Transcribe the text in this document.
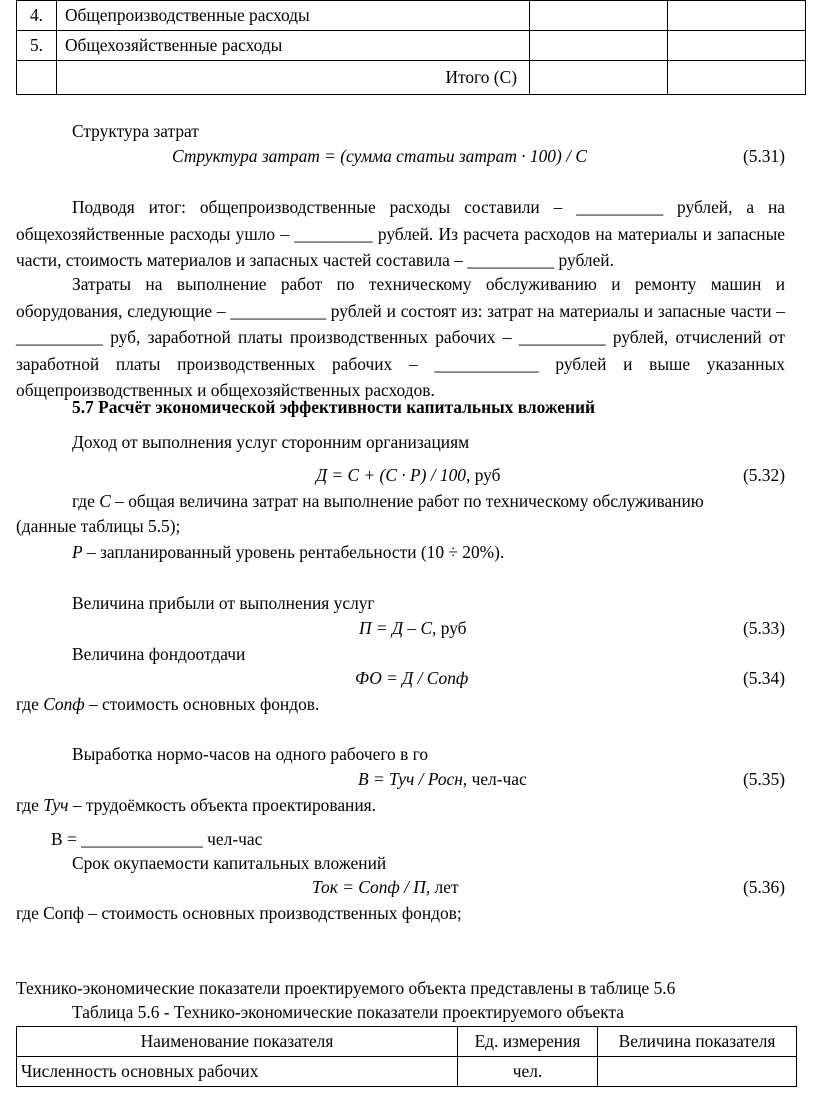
4.	Общепроизводственные расходы		
5.	Общехозяйственные расходы		
	Итого (С)		
Структура затрат
Структура затрат = (сумма статьи затрат · 100) / С	(5.31)
Подводя итог: общепроизводственные расходы составили – __________ рублей, а на общехозяйственные расходы ушло – _________ рублей. Из расчета расходов на материалы и запасные части, стоимость материалов и запасных частей составила – __________ рублей.
Затраты на выполнение работ по техническому обслуживанию и ремонту машин и оборудования, следующие – ___________ рублей и состоят из: затрат на материалы и запасные части – __________ руб, заработной платы производственных рабочих – __________ рублей, отчислений от заработной платы производственных рабочих – ____________ рублей и выше указанных общепроизводственных и общехозяйственных расходов.
5.7 Расчёт экономической эффективности капитальных вложений
Доход от выполнения услуг сторонним организациям
Д = С + (С · Р) / 100, руб	(5.32)
где С – общая величина затрат на выполнение работ по техническому обслуживанию
(данные таблицы 5.5);
Р – запланированный уровень рентабельности (10 ÷ 20%).
Величина прибыли от выполнения услуг
П = Д – С, руб	(5.33)
Величина фондоотдачи
ФО = Д / Сопф	(5.34)
где Сопф – стоимость основных фондов.
Выработка нормо-часов на одного рабочего в го
В = Туч / Росн, чел-час	(5.35)
где Туч – трудоёмкость объекта проектирования.
В = ______________ чел-час
Срок окупаемости капитальных вложений
Ток = Сопф / П, лет	(5.36)
где Сопф – стоимость основных производственных фондов;
Технико-экономические показатели проектируемого объекта представлены в таблице 5.6
Таблица 5.6 - Технико-экономические показатели проектируемого объекта
Наименование показателя	Ед. измерения	Величина показателя
Численность основных рабочих	чел.	
